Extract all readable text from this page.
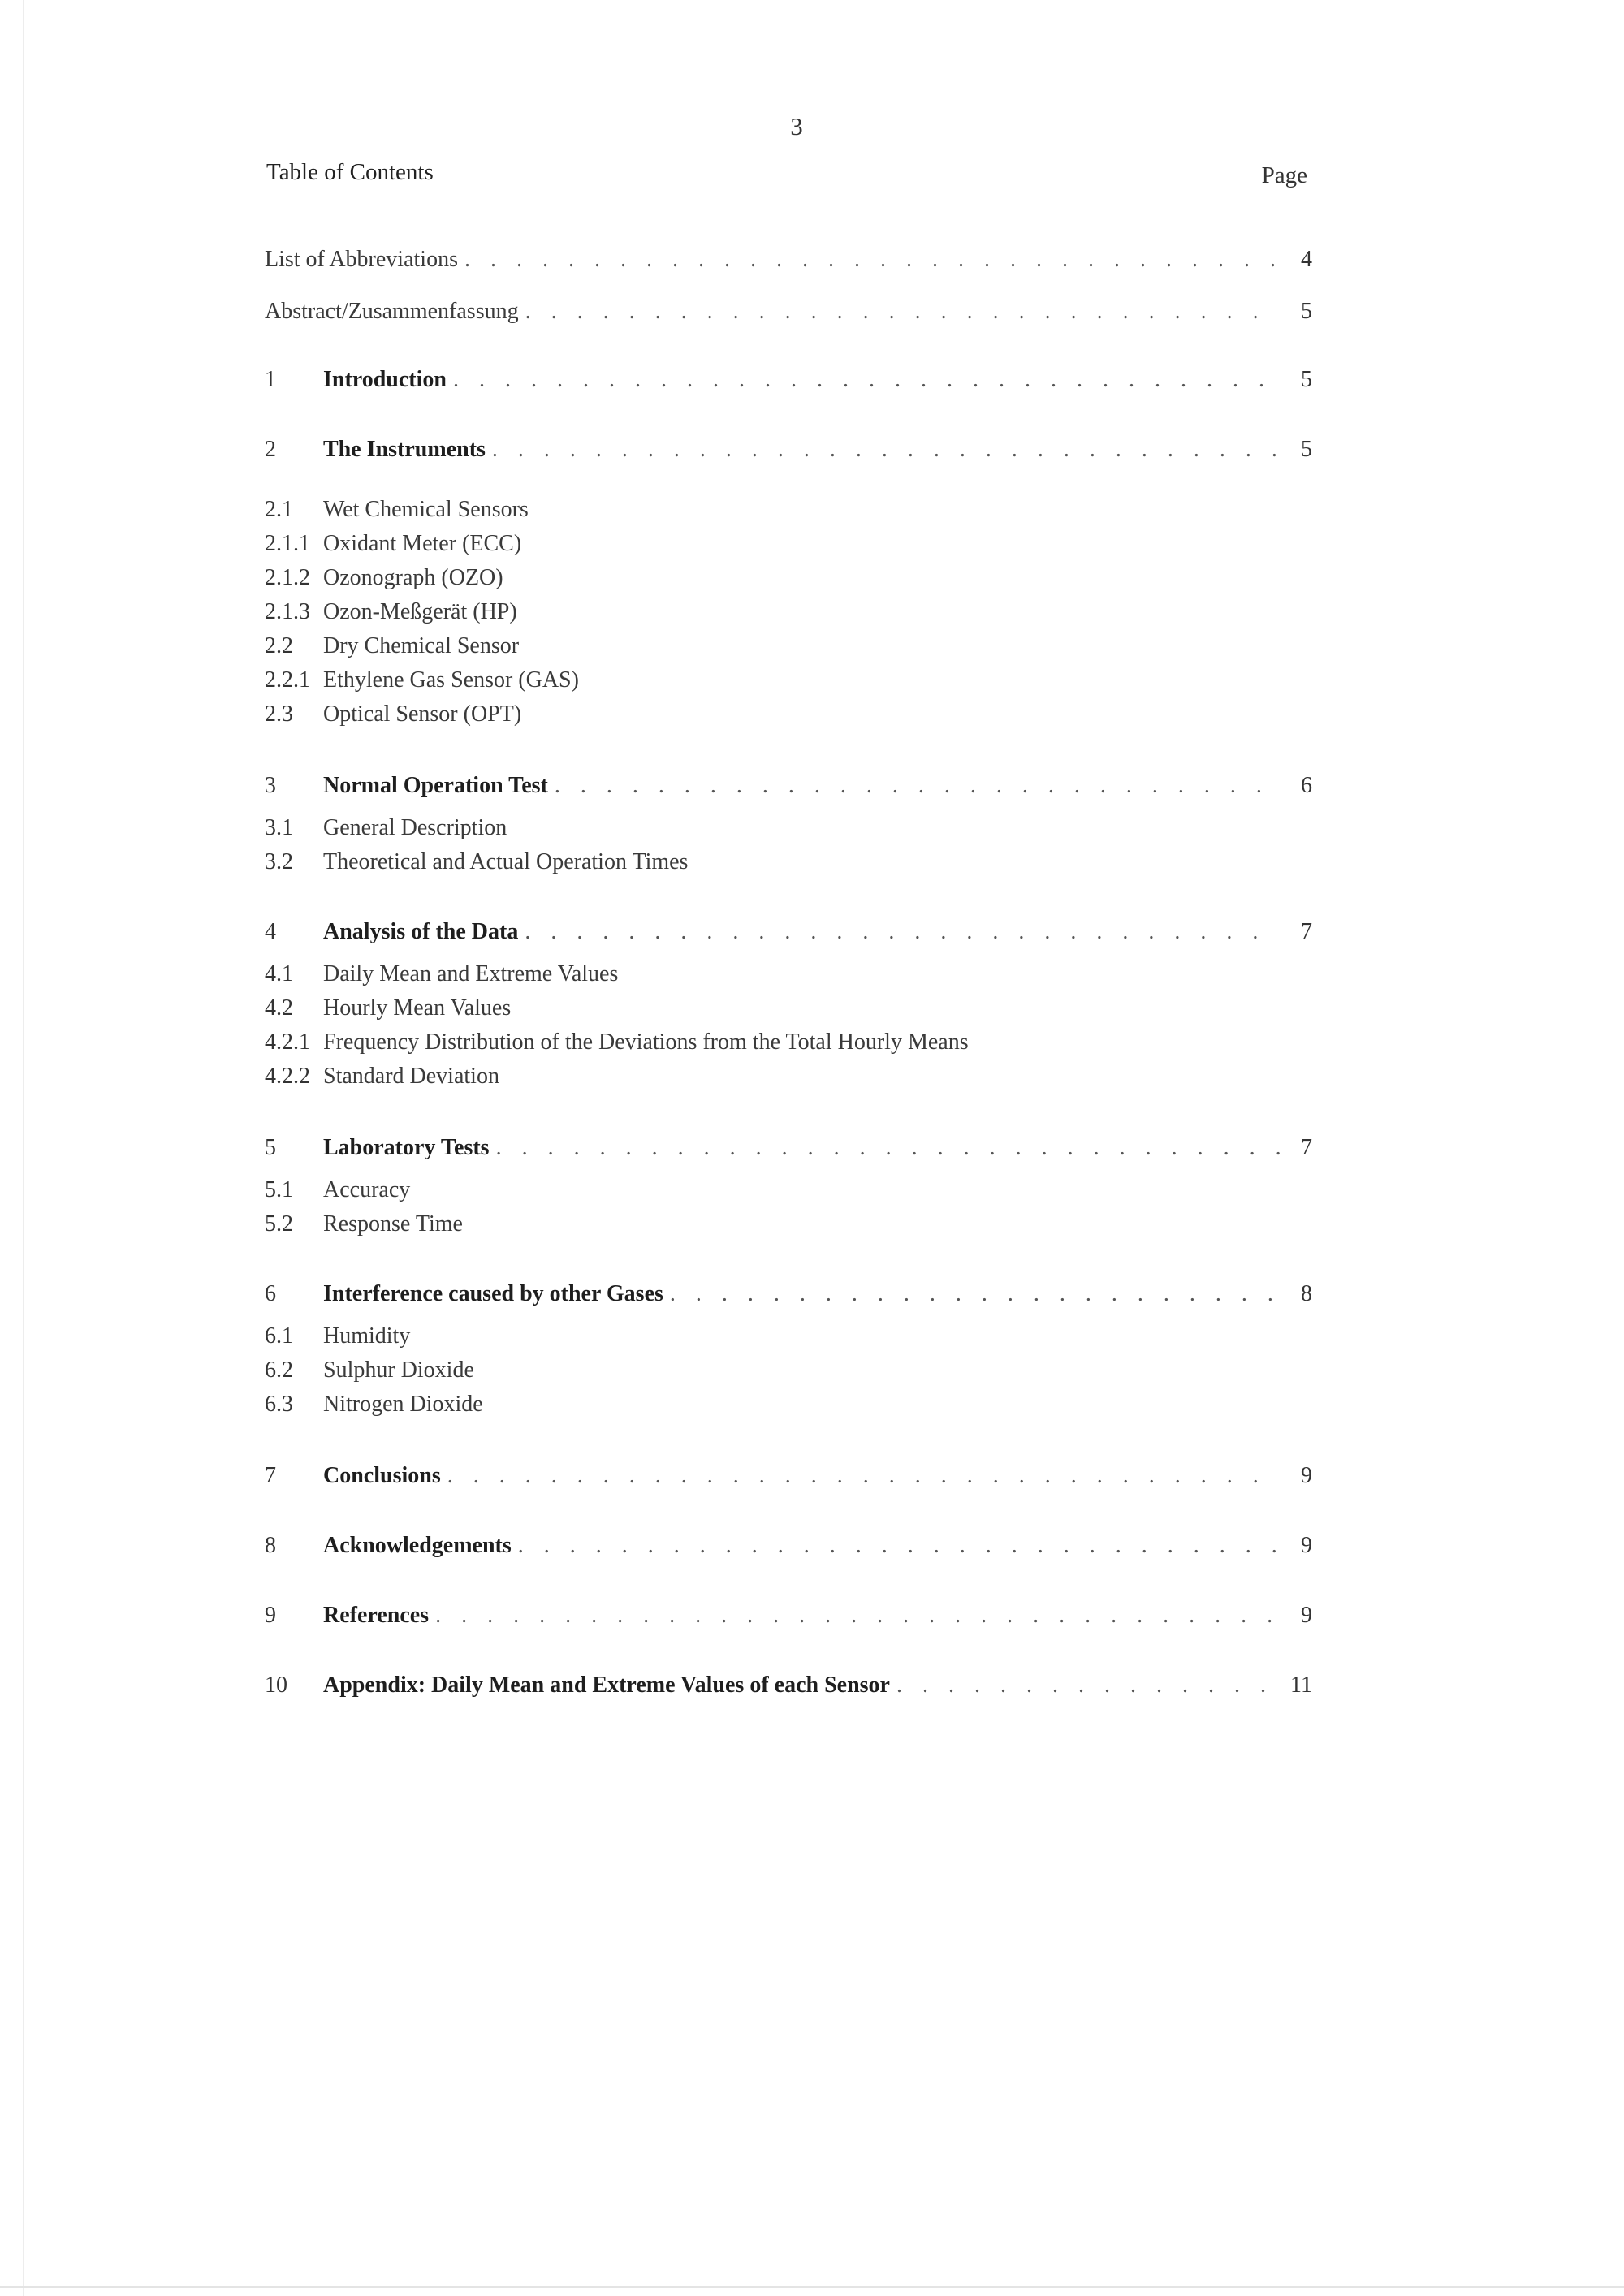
3
Table of Contents	Page
List of Abbreviations . . .	4
Abstract/Zusammenfassung . . .	5
1	Introduction . . .	5
2	The Instruments . . .	5
2.1	Wet Chemical Sensors
2.1.1 Oxidant Meter (ECC)
2.1.2 Ozonograph (OZO)
2.1.3 Ozon-Meßgerät (HP)
2.2	Dry Chemical Sensor
2.2.1 Ethylene Gas Sensor (GAS)
2.3	Optical Sensor (OPT)
3	Normal Operation Test . . .	6
3.1	General Description
3.2	Theoretical and Actual Operation Times
4	Analysis of the Data . . .	7
4.1	Daily Mean and Extreme Values
4.2	Hourly Mean Values
4.2.1 Frequency Distribution of the Deviations from the Total Hourly Means
4.2.2 Standard Deviation
5	Laboratory Tests . . .	7
5.1	Accuracy
5.2	Response Time
6	Interference caused by other Gases . . .	8
6.1	Humidity
6.2	Sulphur Dioxide
6.3	Nitrogen Dioxide
7	Conclusions . . .	9
8	Acknowledgements . . .	9
9	References . . .	9
10	Appendix: Daily Mean and Extreme Values of each Sensor . . .	11
